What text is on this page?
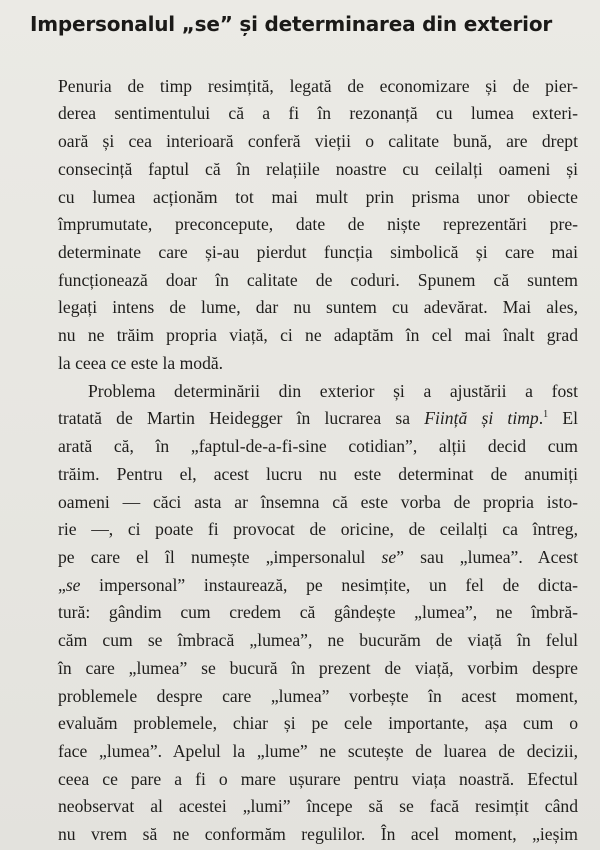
Impersonalul „se” și determinarea din exterior
Penuria de timp resimțită, legată de economizare și de pier-
derea sentimentului că a fi în rezonanță cu lumea exteri-
oară și cea interioară conferă vieții o calitate bună, are drept
consecință faptul că în relațiile noastre cu ceilalți oameni și
cu lumea acționăm tot mai mult prin prisma unor obiecte
împrumutate, preconcepute, date de niște reprezentări pre-
determinate care și-au pierdut funcția simbolică și care mai
funcționează doar în calitate de coduri. Spunem că suntem
legați intens de lume, dar nu suntem cu adevărat. Mai ales,
nu ne trăim propria viață, ci ne adaptăm în cel mai înalt grad
la ceea ce este la modă.
Problema determinării din exterior și a ajustării a fost
tratată de Martin Heidegger în lucrarea sa Ființă și timp.$^1$ El
arată că, în „faptul-de-a-fi-sine cotidian”, alții decid cum
trăim. Pentru el, acest lucru nu este determinat de anumiți
oameni — căci asta ar însemna că este vorba de propria isto-
rie —, ci poate fi provocat de oricine, de ceilalți ca întreg,
pe care el îl numește „impersonalul se” sau „lumea”. Acest
„se impersonal” instaurează, pe nesimțite, un fel de dicta-
tură: gândim cum credem că gândește „lumea”, ne îmbră-
căm cum se îmbracă „lumea”, ne bucurăm de viață în felul
în care „lumea” se bucură în prezent de viață, vorbim despre
problemele despre care „lumea” vorbește în acest moment,
evaluăm problemele, chiar și pe cele importante, așa cum o
face „lumea”. Apelul la „lume” ne scutește de luarea de decizii,
ceea ce pare a fi o mare ușurare pentru viața noastră. Efectul
neobservat al acestei „lumi” începe să se facă resimțit când
nu vrem să ne conformăm regulilor. În acel moment, „ieșim
